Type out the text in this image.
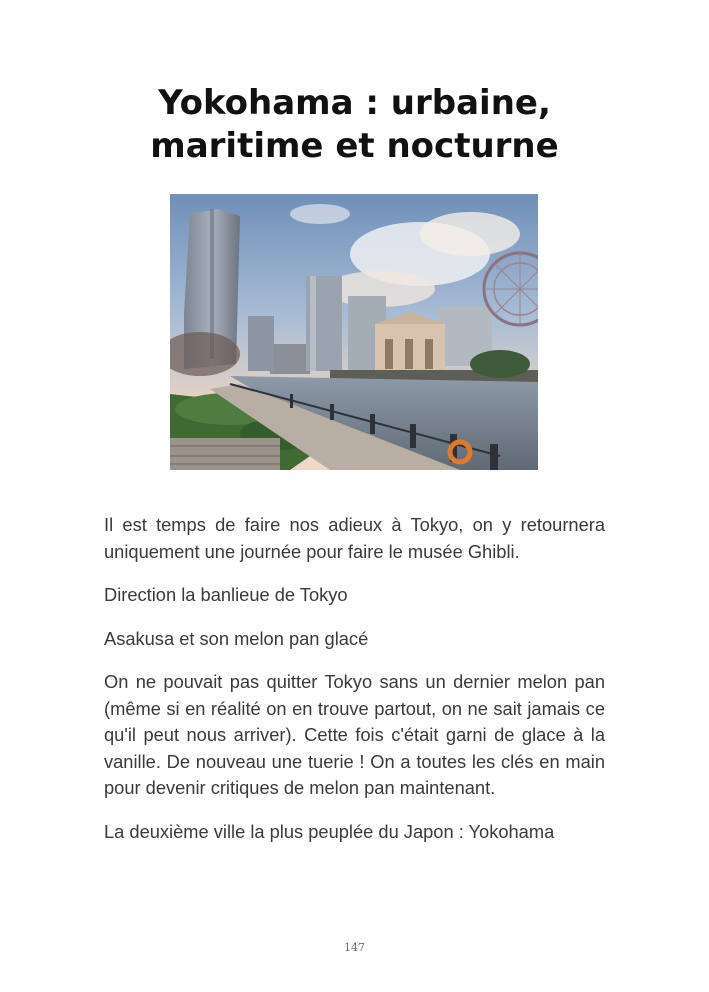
Yokohama : urbaine,
maritime et nocturne

Il est temps de faire nos adieux à Tokyo, on y retournera uniquement une journée pour faire le musée Ghibli.

Direction la banlieue de Tokyo

Asakusa et son melon pan glacé

On ne pouvait pas quitter Tokyo sans un dernier melon pan (même si en réalité on en trouve partout, on ne sait jamais ce qu'il peut nous arriver). Cette fois c'était garni de glace à la vanille. De nouveau une tuerie ! On a toutes les clés en main pour devenir critiques de melon pan maintenant.

La deuxième ville la plus peuplée du Japon : Yokohama

147
